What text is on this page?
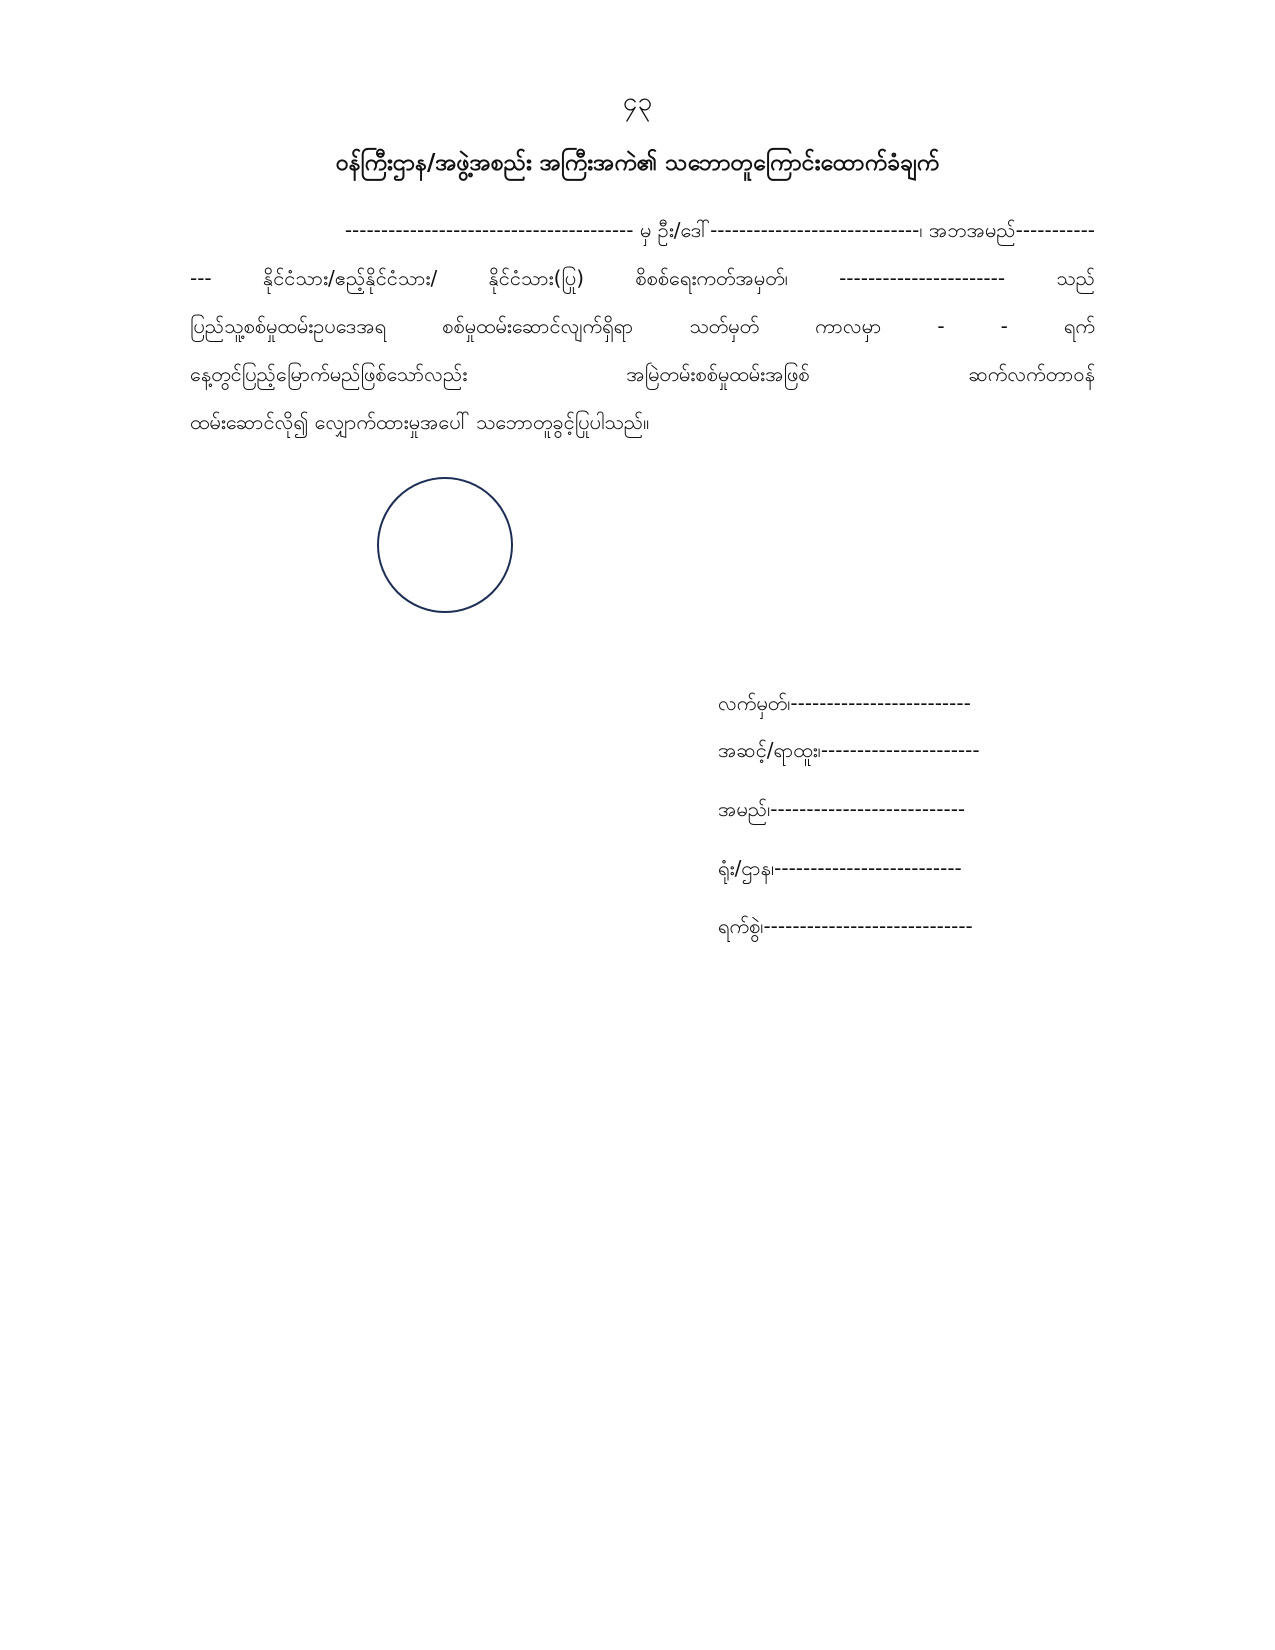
၄၃
ဝန်ကြီးဌာန/အဖွဲ့အစည်း အကြီးအကဲ၏ သဘောတူကြောင်းထောက်ခံချက်
---------------------------------------- မှ ဦး/ဒေါ်-----------------------------၊ အဘအမည်-----------
---	နိုင်ငံသား/ဧည့်နိုင်ငံသား/	နိုင်ငံသား(ပြု)	စိစစ်ရေးကတ်အမှတ်၊	-----------------------	သည်
ပြည်သူ့စစ်မှုထမ်းဥပဒေအရ	စစ်မှုထမ်းဆောင်လျက်ရှိရာ	သတ်မှတ်	ကာလမှာ	-	-	ရက်
နေ့တွင်ပြည့်မြောက်မည်ဖြစ်သော်လည်း	အမြဲတမ်းစစ်မှုထမ်းအဖြစ်	ဆက်လက်တာဝန်
ထမ်းဆောင်လို၍ လျှောက်ထားမှုအပေါ် သဘောတူခွင့်ပြုပါသည်။
လက်မှတ်၊-------------------------
အဆင့်/ရာထူး၊----------------------
အမည်၊---------------------------
ရုံး/ဌာန၊--------------------------
ရက်စွဲ၊-----------------------------
